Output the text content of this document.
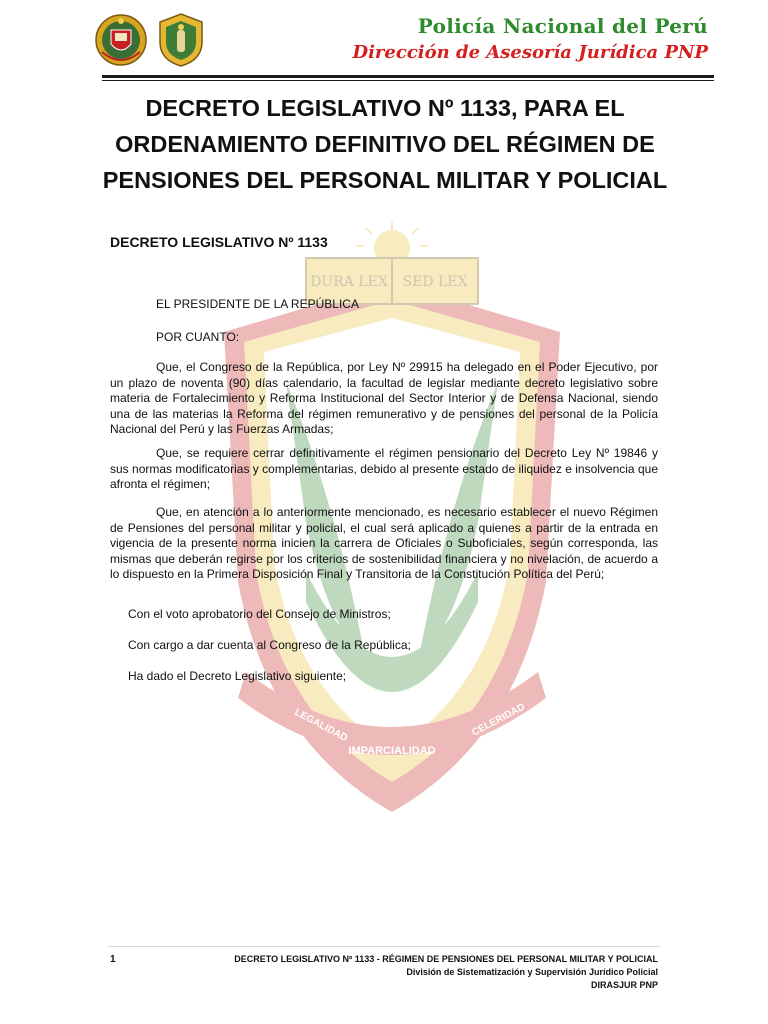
Policía Nacional del Perú
Dirección de Asesoría Jurídica PNP
DURA LEX SED LEX
LEGALIDAD
IMPARCIALIDAD
CELERIDAD
DECRETO LEGISLATIVO Nº 1133, PARA EL ORDENAMIENTO DEFINITIVO DEL RÉGIMEN DE PENSIONES DEL PERSONAL MILITAR Y POLICIAL
DECRETO LEGISLATIVO Nº 1133
EL PRESIDENTE DE LA REPÚBLICA
POR CUANTO:
Que, el Congreso de la República, por Ley Nº 29915 ha delegado en el Poder Ejecutivo, por un plazo de noventa (90) días calendario, la facultad de legislar mediante decreto legislativo sobre materia de Fortalecimiento y Reforma Institucional del Sector Interior y de Defensa Nacional, siendo una de las materias la Reforma del régimen remunerativo y de pensiones del personal de la Policía Nacional del Perú y las Fuerzas Armadas;
Que, se requiere cerrar definitivamente el régimen pensionario del Decreto Ley Nº 19846 y sus normas modificatorias y complementarias, debido al presente estado de iliquidez e insolvencia que afronta el régimen;
Que, en atención a lo anteriormente mencionado, es necesario establecer el nuevo Régimen de Pensiones del personal militar y policial, el cual será aplicado a quienes a partir de la entrada en vigencia de la presente norma inicien la carrera de Oficiales o Suboficiales, según corresponda, las mismas que deberán regirse por los criterios de sostenibilidad financiera y no nivelación, de acuerdo a lo dispuesto en la Primera Disposición Final y Transitoria de la Constitución Política del Perú;
Con el voto aprobatorio del Consejo de Ministros;
Con cargo a dar cuenta al Congreso de la República;
Ha dado el Decreto Legislativo siguiente;
1	DECRETO LEGISLATIVO Nº 1133 - RÉGIMEN DE PENSIONES DEL PERSONAL MILITAR Y POLICIAL
División de Sistematización y Supervisión Jurídico Policial
DIRASJUR PNP
